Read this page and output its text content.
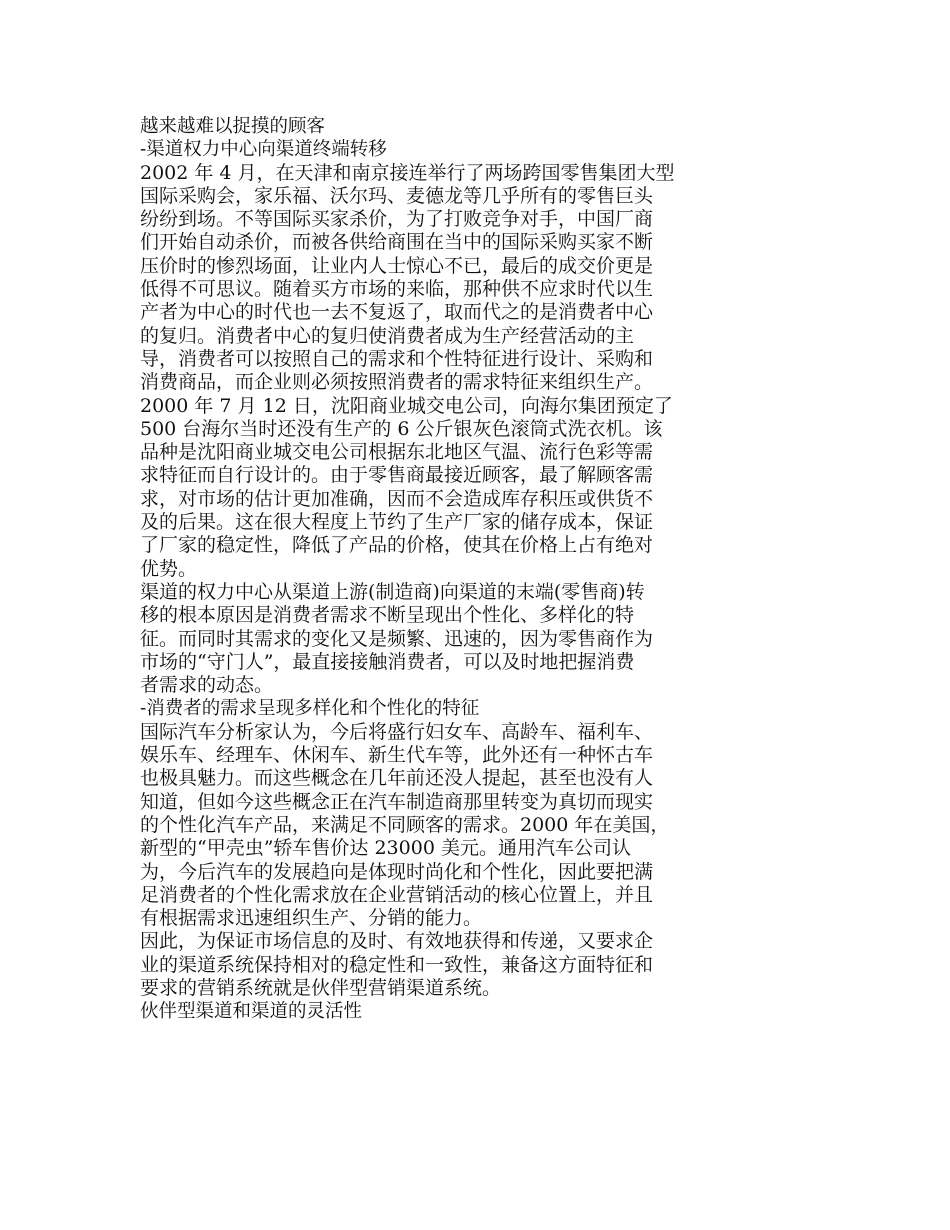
越来越难以捉摸的顾客
-渠道权力中心向渠道终端转移
2002 年 4 月，在天津和南京接连举行了两场跨国零售集团大型
国际采购会，家乐福、沃尔玛、麦德龙等几乎所有的零售巨头
纷纷到场。不等国际买家杀价，为了打败竞争对手，中国厂商
们开始自动杀价，而被各供给商围在当中的国际采购买家不断
压价时的惨烈场面，让业内人士惊心不已，最后的成交价更是
低得不可思议。随着买方市场的来临，那种供不应求时代以生
产者为中心的时代也一去不复返了，取而代之的是消费者中心
的复归。消费者中心的复归使消费者成为生产经营活动的主
导，消费者可以按照自己的需求和个性特征进行设计、采购和
消费商品，而企业则必须按照消费者的需求特征来组织生产。
2000 年 7 月 12 日，沈阳商业城交电公司，向海尔集团预定了
500 台海尔当时还没有生产的 6 公斤银灰色滚筒式洗衣机。该
品种是沈阳商业城交电公司根据东北地区气温、流行色彩等需
求特征而自行设计的。由于零售商最接近顾客，最了解顾客需
求，对市场的估计更加准确，因而不会造成库存积压或供货不
及的后果。这在很大程度上节约了生产厂家的储存成本，保证
了厂家的稳定性，降低了产品的价格，使其在价格上占有绝对
优势。
渠道的权力中心从渠道上游(制造商)向渠道的末端(零售商)转
移的根本原因是消费者需求不断呈现出个性化、多样化的特
征。而同时其需求的变化又是频繁、迅速的，因为零售商作为
市场的“守门人”，最直接接触消费者，可以及时地把握消费
者需求的动态。
-消费者的需求呈现多样化和个性化的特征
国际汽车分析家认为，今后将盛行妇女车、高龄车、福利车、
娱乐车、经理车、休闲车、新生代车等，此外还有一种怀古车
也极具魅力。而这些概念在几年前还没人提起，甚至也没有人
知道，但如今这些概念正在汽车制造商那里转变为真切而现实
的个性化汽车产品，来满足不同顾客的需求。2000 年在美国，
新型的“甲壳虫”轿车售价达 23000 美元。通用汽车公司认
为，今后汽车的发展趋向是体现时尚化和个性化，因此要把满
足消费者的个性化需求放在企业营销活动的核心位置上，并且
有根据需求迅速组织生产、分销的能力。
因此，为保证市场信息的及时、有效地获得和传递，又要求企
业的渠道系统保持相对的稳定性和一致性，兼备这方面特征和
要求的营销系统就是伙伴型营销渠道系统。
伙伴型渠道和渠道的灵活性
